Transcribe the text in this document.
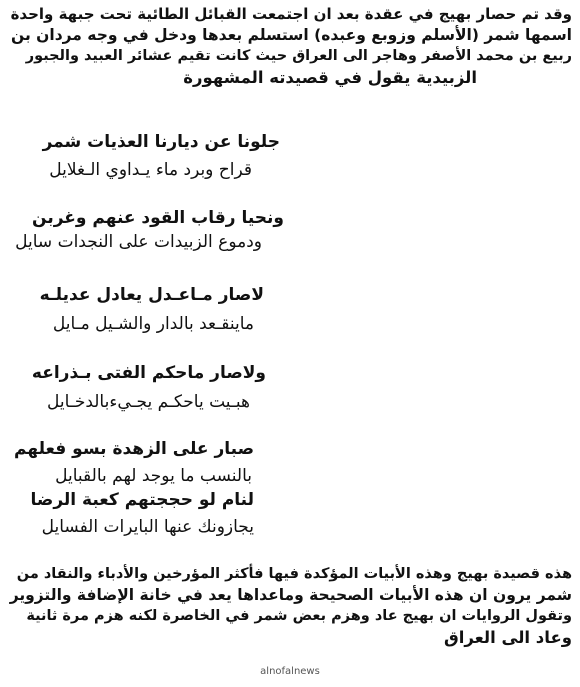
وقد تم حصار بهيج في عقدة بعد ان اجتمعت القبائل الطائية تحت جبهة واحدة
اسمها شمر (الأسلم وزوبع وعبده) استسلم بعدها ودخل في وجه مردان بن
ربيع بن محمد الأصفر وهاجر الى العراق حيث كانت تقيم عشائر العبيد والجبور
الزبيدية يقول في قصيدته المشهورة
جلونا عن ديارنا العذيات شمر
قراح وبرد ماء يـداوي الـغلايل
ونحيا رقاب القود عنهم وغربن
ودموع الزبيدات على النجدات سايل
لاصار مـاعـدل يعادل عديلـه
ماينقـعد بالدار والشـيل مـايل
ولاصار ماحكم الفتى بـذراعه
هبـيت ياحكـم يجـيءبالدخـايل
صبار على الزهدة بسو فعلهم
بالنسب ما يوجد لهم بالقبايل
لنام لو حججتهم كعبة الرضا
يجازونك عنها البايرات الفسايل
هذه قصيدة بهيج وهذه الأبيات المؤكدة فيها فأكثر المؤرخين والأدباء والنقاد من
شمر يرون ان هذه الأبيات الصحيحة وماعداها يعد في خانة الإضافة والتزوير
وتقول الروايات ان بهيج عاد وهزم بعض شمر في الخاصرة لكنه هزم مرة ثانية
وعاد الى العراق
alnofalnews
